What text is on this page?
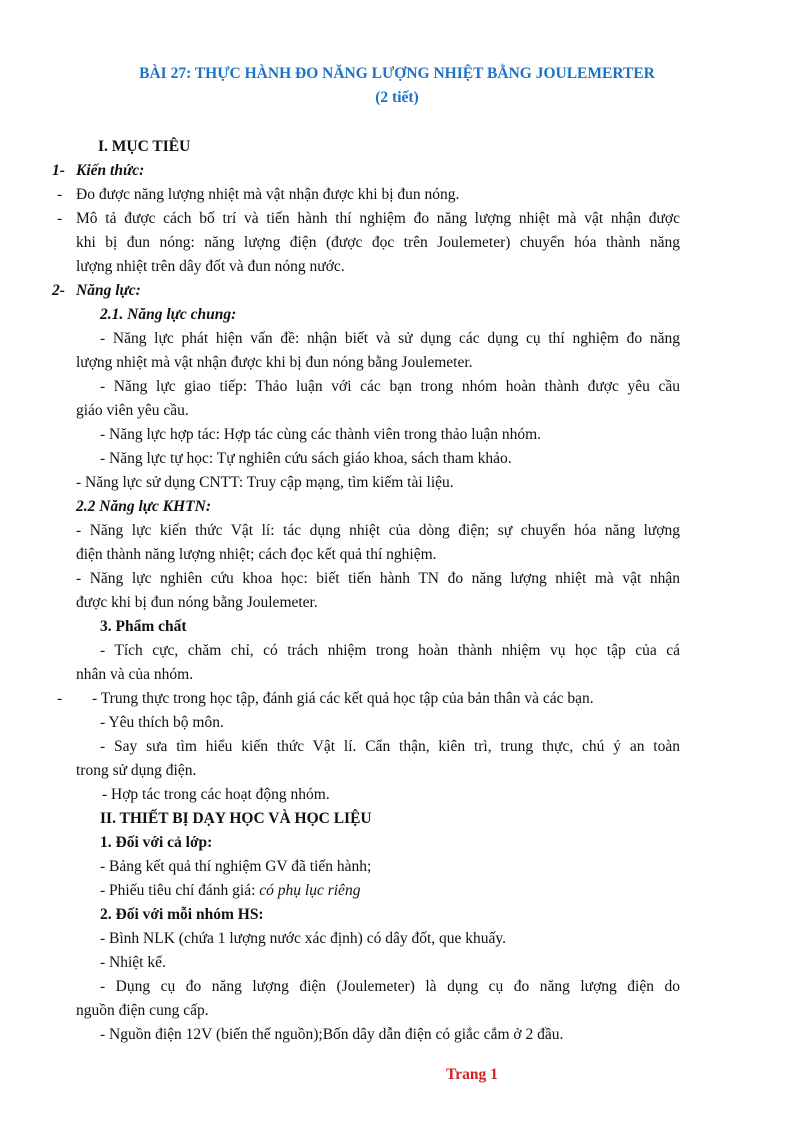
BÀI 27: THỰC HÀNH ĐO NĂNG LƯỢNG NHIỆT BẰNG JOULEMERTER

(2 tiết)

I. MỤC TIÊU

1- Kiến thức:

- Đo được năng lượng nhiệt mà vật nhận được khi bị đun nóng.

- Mô tả được cách bố trí và tiến hành thí nghiệm đo năng lượng nhiệt mà vật nhận được

khi bị đun nóng: năng lượng điện (được đọc trên Joulemeter) chuyển hóa thành năng

lượng nhiệt trên dây đốt và đun nóng nước.

2- Năng lực:

2.1. Năng lực chung:

- Năng lực phát hiện vấn đề: nhận biết và sử dụng các dụng cụ thí nghiệm đo năng

lượng nhiệt mà vật nhận được khi bị đun nóng bằng Joulemeter.

- Năng lực giao tiếp: Thảo luận với các bạn trong nhóm hoàn thành được yêu cầu

giáo viên yêu cầu.

- Năng lực hợp tác: Hợp tác cùng các thành viên trong thảo luận nhóm.

- Năng lực tự học: Tự nghiên cứu sách giáo khoa, sách tham khảo.

- Năng lực sử dụng CNTT: Truy cập mạng, tìm kiếm tài liệu.

2.2 Năng lực KHTN:

- Năng lực kiến thức Vật lí: tác dụng nhiệt của dòng điện; sự chuyển hóa năng lượng

điện thành năng lượng nhiệt; cách đọc kết quả thí nghiệm.

- Năng lực nghiên cứu khoa học: biết tiến hành TN đo năng lượng nhiệt mà vật nhận

được khi bị đun nóng bằng Joulemeter.

3. Phẩm chất

- Tích cực, chăm chỉ, có trách nhiệm trong hoàn thành nhiệm vụ học tập của cá

nhân và của nhóm.

- - Trung thực trong học tập, đánh giá các kết quả học tập của bản thân và các bạn.

- Yêu thích bộ môn.

- Say sưa tìm hiểu kiến thức Vật lí. Cẩn thận, kiên trì, trung thực, chú ý an toàn

trong sử dụng điện.

- Hợp tác trong các hoạt động nhóm.

II. THIẾT BỊ DẠY HỌC VÀ HỌC LIỆU

1. Đối với cả lớp:

- Bảng kết quả thí nghiệm GV đã tiến hành;

- Phiếu tiêu chí đánh giá: có phụ lục riêng

2. Đối với mỗi nhóm HS:

- Bình NLK (chứa 1 lượng nước xác định) có dây đốt, que khuấy.

- Nhiệt kế.

- Dụng cụ đo năng lượng điện (Joulemeter) là dụng cụ đo năng lượng điện do

nguồn điện cung cấp.

- Nguồn điện 12V (biến thế nguồn);Bốn dây dẫn điện có giắc cắm ở 2 đầu.

Trang 1
